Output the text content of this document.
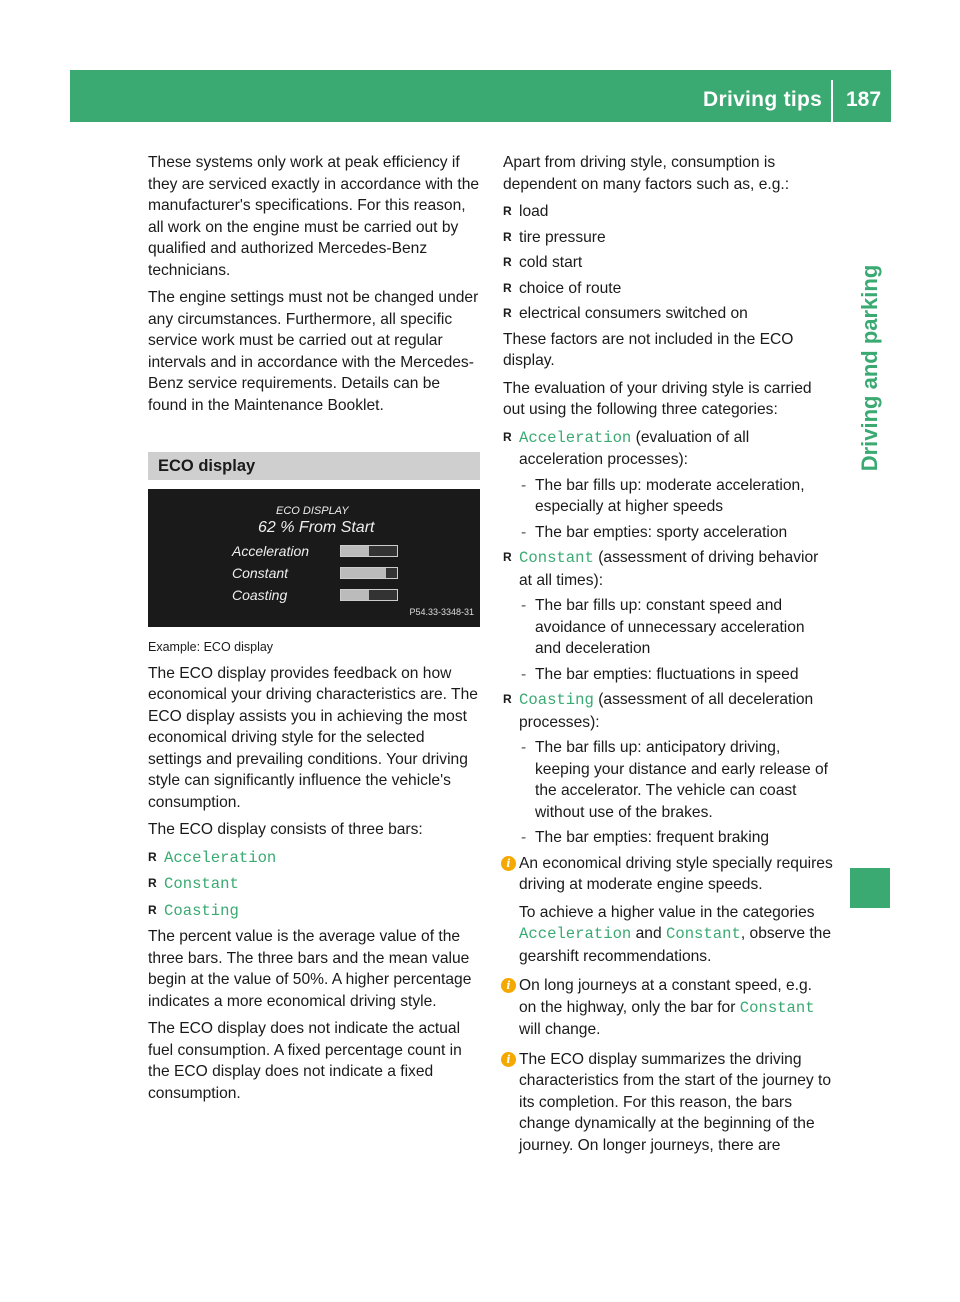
Driving tips 187
Driving and parking

These systems only work at peak efficiency if they are serviced exactly in accordance with the manufacturer's specifications. For this reason, all work on the engine must be carried out by qualified and authorized Mercedes-Benz technicians.

The engine settings must not be changed under any circumstances. Furthermore, all specific service work must be carried out at regular intervals and in accordance with the Mercedes-Benz service requirements. Details can be found in the Maintenance Booklet.

ECO display
ECO DISPLAY
62 % From Start
Acceleration
Constant
Coasting
P54.33-3348-31
Example: ECO display

The ECO display provides feedback on how economical your driving characteristics are. The ECO display assists you in achieving the most economical driving style for the selected settings and prevailing conditions. Your driving style can significantly influence the vehicle's consumption.

The ECO display consists of three bars:

R Acceleration
R Constant
R Coasting

The percent value is the average value of the three bars. The three bars and the mean value begin at the value of 50%. A higher percentage indicates a more economical driving style.

The ECO display does not indicate the actual fuel consumption. A fixed percentage count in the ECO display does not indicate a fixed consumption.

Apart from driving style, consumption is dependent on many factors such as, e.g.:

R load
R tire pressure
R cold start
R choice of route
R electrical consumers switched on

These factors are not included in the ECO display.

The evaluation of your driving style is carried out using the following three categories:

R Acceleration (evaluation of all acceleration processes):
- The bar fills up: moderate acceleration, especially at higher speeds
- The bar empties: sporty acceleration
R Constant (assessment of driving behavior at all times):
- The bar fills up: constant speed and avoidance of unnecessary acceleration and deceleration
- The bar empties: fluctuations in speed
R Coasting (assessment of all deceleration processes):
- The bar fills up: anticipatory driving, keeping your distance and early release of the accelerator. The vehicle can coast without use of the brakes.
- The bar empties: frequent braking
i An economical driving style specially requires driving at moderate engine speeds.

To achieve a higher value in the categories Acceleration and Constant, observe the gearshift recommendations.

i On long journeys at a constant speed, e.g. on the highway, only the bar for Constant will change.

i The ECO display summarizes the driving characteristics from the start of the journey to its completion. For this reason, the bars change dynamically at the beginning of the journey. On longer journeys, there are
